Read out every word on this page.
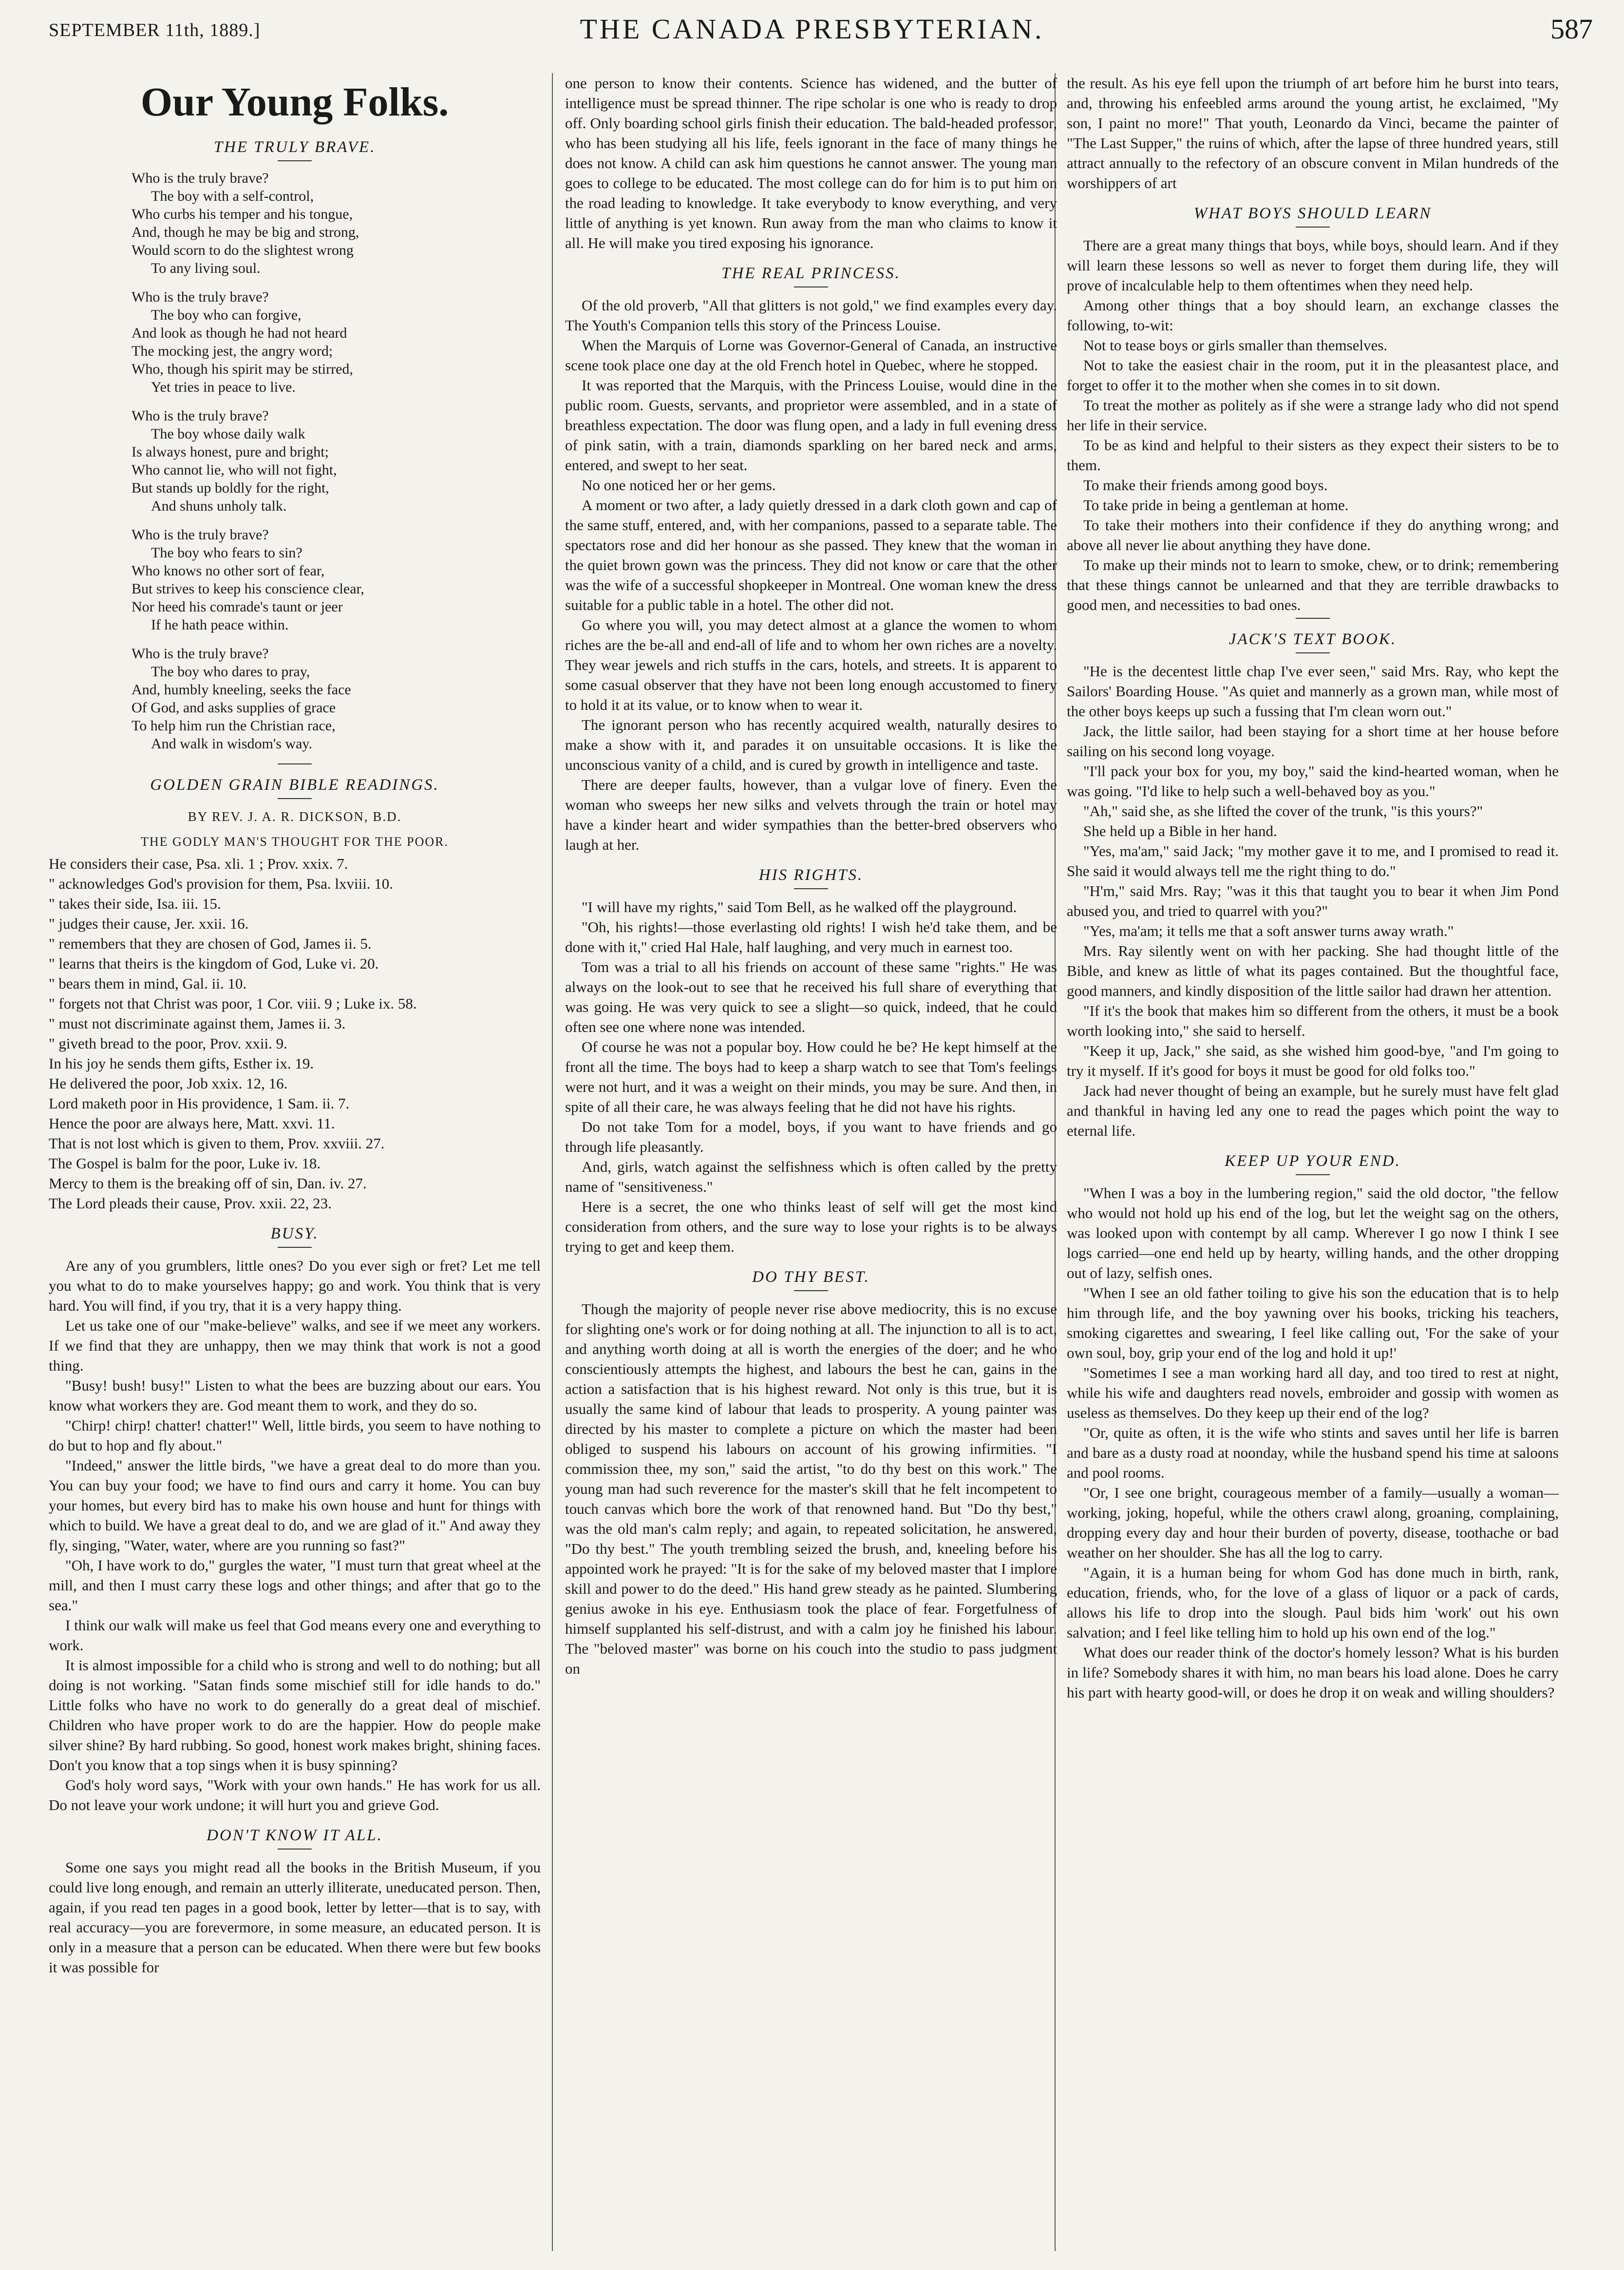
SEPTEMBER 11th, 1889.]	THE CANADA PRESBYTERIAN.	587
Our Young Folks.
THE TRULY BRAVE.
Who is the truly brave?
The boy with a self-control,
Who curbs his temper and his tongue,
And, though he may be big and strong,
Would scorn to do the slightest wrong
To any living soul.
Who is the truly brave?
The boy who can forgive,
And look as though he had not heard
The mocking jest, the angry word;
Who, though his spirit may be stirred,
Yet tries in peace to live.
Who is the truly brave?
The boy whose daily walk
Is always honest, pure and bright;
Who cannot lie, who will not fight,
But stands up boldly for the right,
And shuns unholy talk.
Who is the truly brave?
The boy who fears to sin?
Who knows no other sort of fear,
But strives to keep his conscience clear,
Nor heed his comrade's taunt or jeer
If he hath peace within.
Who is the truly brave?
The boy who dares to pray,
And, humbly kneeling, seeks the face
Of God, and asks supplies of grace
To help him run the Christian race,
And walk in wisdom's way.
GOLDEN GRAIN BIBLE READINGS.
BY REV. J. A. R. DICKSON, B.D.
THE GODLY MAN'S THOUGHT FOR THE POOR.

He considers their case, Psa. xli. 1 ; Prov. xxix. 7.

" acknowledges God's provision for them, Psa. lxviii. 10.

" takes their side, Isa. iii. 15.

" judges their cause, Jer. xxii. 16.

" remembers that they are chosen of God, James ii. 5.

" learns that theirs is the kingdom of God, Luke vi. 20.

" bears them in mind, Gal. ii. 10.

" forgets not that Christ was poor, 1 Cor. viii. 9 ; Luke ix. 58.

" must not discriminate against them, James ii. 3.

" giveth bread to the poor, Prov. xxii. 9.

In his joy he sends them gifts, Esther ix. 19.

He delivered the poor, Job xxix. 12, 16.

Lord maketh poor in His providence, 1 Sam. ii. 7.

Hence the poor are always here, Matt. xxvi. 11.

That is not lost which is given to them, Prov. xxviii. 27.

The Gospel is balm for the poor, Luke iv. 18.

Mercy to them is the breaking off of sin, Dan. iv. 27.

The Lord pleads their cause, Prov. xxii. 22, 23.

BUSY.

Are any of you grumblers, little ones? Do you ever sigh or fret? Let me tell you what to do to make yourselves happy; go and work. You think that is very hard. You will find, if you try, that it is a very happy thing.

Let us take one of our "make-believe" walks, and see if we meet any workers. If we find that they are unhappy, then we may think that work is not a good thing.

"Busy! bush! busy!" Listen to what the bees are buzzing about our ears. You know what workers they are. God meant them to work, and they do so.

"Chirp! chirp! chatter! chatter!" Well, little birds, you seem to have nothing to do but to hop and fly about."

"Indeed," answer the little birds, "we have a great deal to do more than you. You can buy your food; we have to find ours and carry it home. You can buy your homes, but every bird has to make his own house and hunt for things with which to build. We have a great deal to do, and we are glad of it." And away they fly, singing, "Water, water, where are you running so fast?"

"Oh, I have work to do," gurgles the water, "I must turn that great wheel at the mill, and then I must carry these logs and other things; and after that go to the sea."

I think our walk will make us feel that God means every one and everything to work.

It is almost impossible for a child who is strong and well to do nothing; but all doing is not working. "Satan finds some mischief still for idle hands to do." Little folks who have no work to do generally do a great deal of mischief. Children who have proper work to do are the happier. How do people make silver shine? By hard rubbing. So good, honest work makes bright, shining faces. Don't you know that a top sings when it is busy spinning?

God's holy word says, "Work with your own hands." He has work for us all. Do not leave your work undone; it will hurt you and grieve God.

DON'T KNOW IT ALL.

Some one says you might read all the books in the British Museum, if you could live long enough, and remain an utterly illiterate, uneducated person. Then, again, if you read ten pages in a good book, letter by letter—that is to say, with real accuracy—you are forevermore, in some measure, an educated person. It is only in a measure that a person can be educated. When there were but few books it was possible for

one person to know their contents. Science has widened, and the butter of intelligence must be spread thinner. The ripe scholar is one who is ready to drop off. Only boarding school girls finish their education. The bald-headed professor, who has been studying all his life, feels ignorant in the face of many things he does not know. A child can ask him questions he cannot answer. The young man goes to college to be educated. The most college can do for him is to put him on the road leading to knowledge. It take everybody to know everything, and very little of anything is yet known. Run away from the man who claims to know it all. He will make you tired exposing his ignorance.

THE REAL PRINCESS.

Of the old proverb, "All that glitters is not gold," we find examples every day. The Youth's Companion tells this story of the Princess Louise.

When the Marquis of Lorne was Governor-General of Canada, an instructive scene took place one day at the old French hotel in Quebec, where he stopped.

It was reported that the Marquis, with the Princess Louise, would dine in the public room. Guests, servants, and proprietor were assembled, and in a state of breathless expectation. The door was flung open, and a lady in full evening dress of pink satin, with a train, diamonds sparkling on her bared neck and arms, entered, and swept to her seat.

No one noticed her or her gems.

A moment or two after, a lady quietly dressed in a dark cloth gown and cap of the same stuff, entered, and, with her companions, passed to a separate table. The spectators rose and did her honour as she passed. They knew that the woman in the quiet brown gown was the princess. They did not know or care that the other was the wife of a successful shopkeeper in Montreal. One woman knew the dress suitable for a public table in a hotel. The other did not.

Go where you will, you may detect almost at a glance the women to whom riches are the be-all and end-all of life and to whom her own riches are a novelty. They wear jewels and rich stuffs in the cars, hotels, and streets. It is apparent to some casual observer that they have not been long enough accustomed to finery to hold it at its value, or to know when to wear it.

The ignorant person who has recently acquired wealth, naturally desires to make a show with it, and parades it on unsuitable occasions. It is like the unconscious vanity of a child, and is cured by growth in intelligence and taste.

There are deeper faults, however, than a vulgar love of finery. Even the woman who sweeps her new silks and velvets through the train or hotel may have a kinder heart and wider sympathies than the better-bred observers who laugh at her.

HIS RIGHTS.

"I will have my rights," said Tom Bell, as he walked off the playground.

"Oh, his rights!—those everlasting old rights! I wish he'd take them, and be done with it," cried Hal Hale, half laughing, and very much in earnest too.

Tom was a trial to all his friends on account of these same "rights." He was always on the look-out to see that he received his full share of everything that was going. He was very quick to see a slight—so quick, indeed, that he could often see one where none was intended.

Of course he was not a popular boy. How could he be? He kept himself at the front all the time. The boys had to keep a sharp watch to see that Tom's feelings were not hurt, and it was a weight on their minds, you may be sure. And then, in spite of all their care, he was always feeling that he did not have his rights.

Do not take Tom for a model, boys, if you want to have friends and go through life pleasantly.

And, girls, watch against the selfishness which is often called by the pretty name of "sensitiveness."

Here is a secret, the one who thinks least of self will get the most kind consideration from others, and the sure way to lose your rights is to be always trying to get and keep them.

DO THY BEST.

Though the majority of people never rise above mediocrity, this is no excuse for slighting one's work or for doing nothing at all. The injunction to all is to act, and anything worth doing at all is worth the energies of the doer; and he who conscientiously attempts the highest, and labours the best he can, gains in the action a satisfaction that is his highest reward. Not only is this true, but it is usually the same kind of labour that leads to prosperity. A young painter was directed by his master to complete a picture on which the master had been obliged to suspend his labours on account of his growing infirmities. "I commission thee, my son," said the artist, "to do thy best on this work." The young man had such reverence for the master's skill that he felt incompetent to touch canvas which bore the work of that renowned hand. But "Do thy best," was the old man's calm reply; and again, to repeated solicitation, he answered, "Do thy best." The youth trembling seized the brush, and, kneeling before his appointed work he prayed: "It is for the sake of my beloved master that I implore skill and power to do the deed." His hand grew steady as he painted. Slumbering genius awoke in his eye. Enthusiasm took the place of fear. Forgetfulness of himself supplanted his self-distrust, and with a calm joy he finished his labour. The "beloved master" was borne on his couch into the studio to pass judgment on

the result. As his eye fell upon the triumph of art before him he burst into tears, and, throwing his enfeebled arms around the young artist, he exclaimed, "My son, I paint no more!" That youth, Leonardo da Vinci, became the painter of "The Last Supper," the ruins of which, after the lapse of three hundred years, still attract annually to the refectory of an obscure convent in Milan hundreds of the worshippers of art

WHAT BOYS SHOULD LEARN

There are a great many things that boys, while boys, should learn. And if they will learn these lessons so well as never to forget them during life, they will prove of incalculable help to them oftentimes when they need help.

Among other things that a boy should learn, an exchange classes the following, to-wit:

Not to tease boys or girls smaller than themselves.

Not to take the easiest chair in the room, put it in the pleasantest place, and forget to offer it to the mother when she comes in to sit down.

To treat the mother as politely as if she were a strange lady who did not spend her life in their service.

To be as kind and helpful to their sisters as they expect their sisters to be to them.

To make their friends among good boys.

To take pride in being a gentleman at home.

To take their mothers into their confidence if they do anything wrong; and above all never lie about anything they have done.

To make up their minds not to learn to smoke, chew, or to drink; remembering that these things cannot be unlearned and that they are terrible drawbacks to good men, and necessities to bad ones.

JACK'S TEXT BOOK.

"He is the decentest little chap I've ever seen," said Mrs. Ray, who kept the Sailors' Boarding House. "As quiet and mannerly as a grown man, while most of the other boys keeps up such a fussing that I'm clean worn out."

Jack, the little sailor, had been staying for a short time at her house before sailing on his second long voyage.

"I'll pack your box for you, my boy," said the kind-hearted woman, when he was going. "I'd like to help such a well-behaved boy as you."

"Ah," said she, as she lifted the cover of the trunk, "is this yours?"

She held up a Bible in her hand.

"Yes, ma'am," said Jack; "my mother gave it to me, and I promised to read it. She said it would always tell me the right thing to do."

"H'm," said Mrs. Ray; "was it this that taught you to bear it when Jim Pond abused you, and tried to quarrel with you?"

"Yes, ma'am; it tells me that a soft answer turns away wrath."

Mrs. Ray silently went on with her packing. She had thought little of the Bible, and knew as little of what its pages contained. But the thoughtful face, good manners, and kindly disposition of the little sailor had drawn her attention.

"If it's the book that makes him so different from the others, it must be a book worth looking into," she said to herself.

"Keep it up, Jack," she said, as she wished him good-bye, "and I'm going to try it myself. If it's good for boys it must be good for old folks too."

Jack had never thought of being an example, but he surely must have felt glad and thankful in having led any one to read the pages which point the way to eternal life.

KEEP UP YOUR END.

"When I was a boy in the lumbering region," said the old doctor, "the fellow who would not hold up his end of the log, but let the weight sag on the others, was looked upon with contempt by all camp. Wherever I go now I think I see logs carried—one end held up by hearty, willing hands, and the other dropping out of lazy, selfish ones.

"When I see an old father toiling to give his son the education that is to help him through life, and the boy yawning over his books, tricking his teachers, smoking cigarettes and swearing, I feel like calling out, 'For the sake of your own soul, boy, grip your end of the log and hold it up!'

"Sometimes I see a man working hard all day, and too tired to rest at night, while his wife and daughters read novels, embroider and gossip with women as useless as themselves. Do they keep up their end of the log?

"Or, quite as often, it is the wife who stints and saves until her life is barren and bare as a dusty road at noonday, while the husband spend his time at saloons and pool rooms.

"Or, I see one bright, courageous member of a family—usually a woman—working, joking, hopeful, while the others crawl along, groaning, complaining, dropping every day and hour their burden of poverty, disease, toothache or bad weather on her shoulder. She has all the log to carry.

"Again, it is a human being for whom God has done much in birth, rank, education, friends, who, for the love of a glass of liquor or a pack of cards, allows his life to drop into the slough. Paul bids him 'work' out his own salvation; and I feel like telling him to hold up his own end of the log."

What does our reader think of the doctor's homely lesson? What is his burden in life? Somebody shares it with him, no man bears his load alone. Does he carry his part with hearty good-will, or does he drop it on weak and willing shoulders?
